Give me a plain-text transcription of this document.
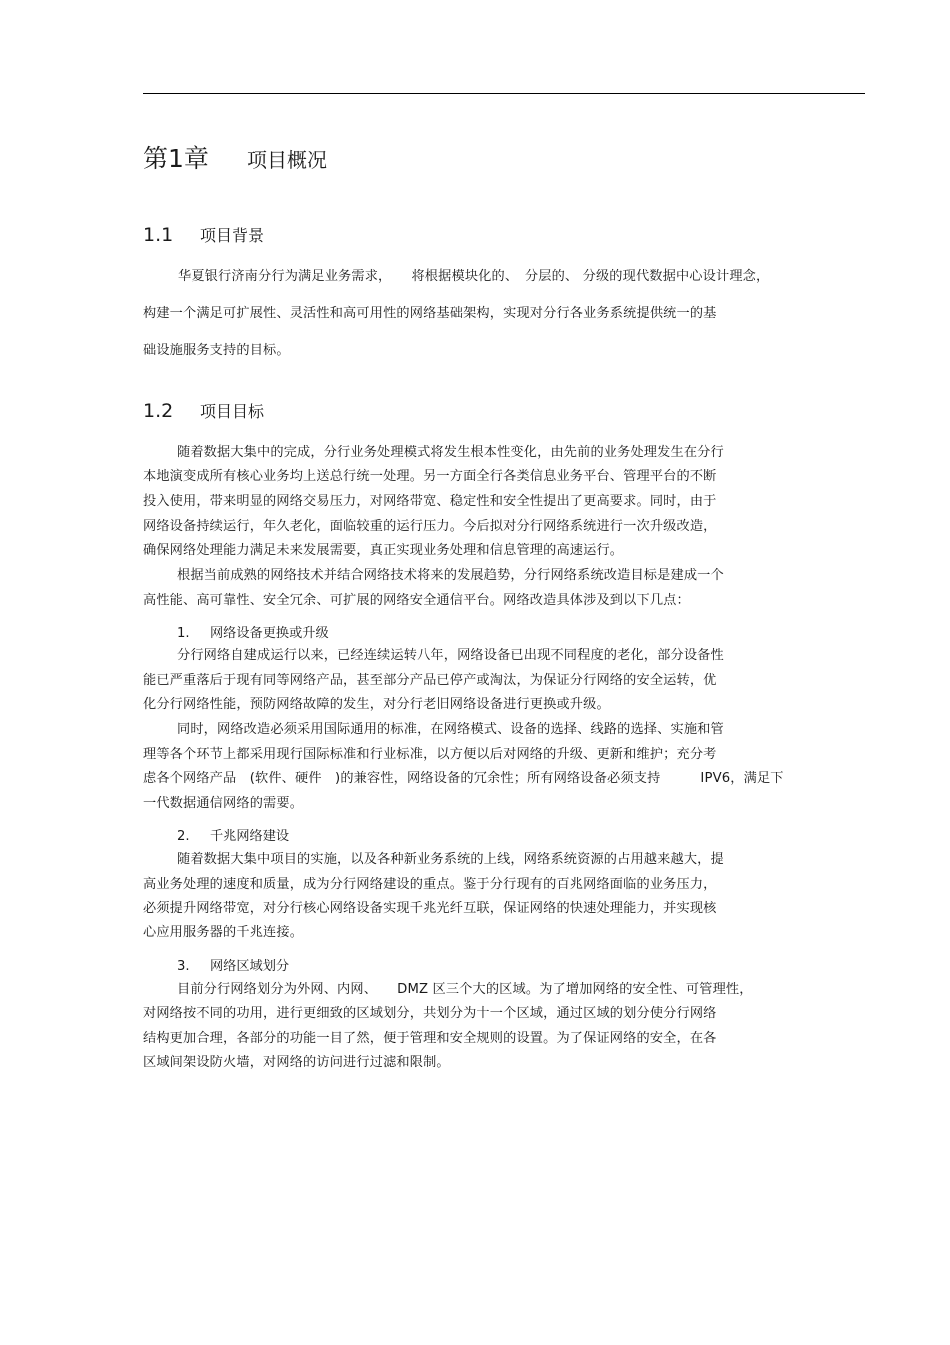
第1章 项目概况
1.1 项目背景
华夏银行济南分行为满足业务需求，　　将根据模块化的、　分层的、 分级的现代数据中心设计理念，
构建一个满足可扩展性、灵活性和高可用性的网络基础架构，实现对分行各业务系统提供统一的基
础设施服务支持的目标。
1.2 项目目标
随着数据大集中的完成，分行业务处理模式将发生根本性变化，由先前的业务处理发生在分行
本地演变成所有核心业务均上送总行统一处理。另一方面全行各类信息业务平台、管理平台的不断
投入使用，带来明显的网络交易压力，对网络带宽、稳定性和安全性提出了更高要求。同时，由于
网络设备持续运行，年久老化，面临较重的运行压力。今后拟对分行网络系统进行一次升级改造，
确保网络处理能力满足未来发展需要，真正实现业务处理和信息管理的高速运行。
根据当前成熟的网络技术并结合网络技术将来的发展趋势，分行网络系统改造目标是建成一个
高性能、高可靠性、安全冗余、可扩展的网络安全通信平台。网络改造具体涉及到以下几点：
1. 网络设备更换或升级
分行网络自建成运行以来，已经连续运转八年，网络设备已出现不同程度的老化，部分设备性
能已严重落后于现有同等网络产品，甚至部分产品已停产或淘汰，为保证分行网络的安全运转，优
化分行网络性能，预防网络故障的发生，对分行老旧网络设备进行更换或升级。
同时，网络改造必须采用国际通用的标准，在网络模式、设备的选择、线路的选择、实施和管
理等各个环节上都采用现行国际标准和行业标准，以方便以后对网络的升级、更新和维护；充分考
虑各个网络产品　(软件、硬件　)的兼容性，网络设备的冗余性；所有网络设备必须支持　　　IPV6，满足下
一代数据通信网络的需要。
2. 千兆网络建设
随着数据大集中项目的实施，以及各种新业务系统的上线，网络系统资源的占用越来越大，提
高业务处理的速度和质量，成为分行网络建设的重点。鉴于分行现有的百兆网络面临的业务压力，
必须提升网络带宽，对分行核心网络设备实现千兆光纤互联，保证网络的快速处理能力，并实现核
心应用服务器的千兆连接。
3. 网络区域划分
目前分行网络划分为外网、内网、　　DMZ 区三个大的区域。为了增加网络的安全性、可管理性，
对网络按不同的功用，进行更细致的区域划分，共划分为十一个区域，通过区域的划分使分行网络
结构更加合理，各部分的功能一目了然，便于管理和安全规则的设置。为了保证网络的安全，在各
区域间架设防火墙，对网络的访问进行过滤和限制。
